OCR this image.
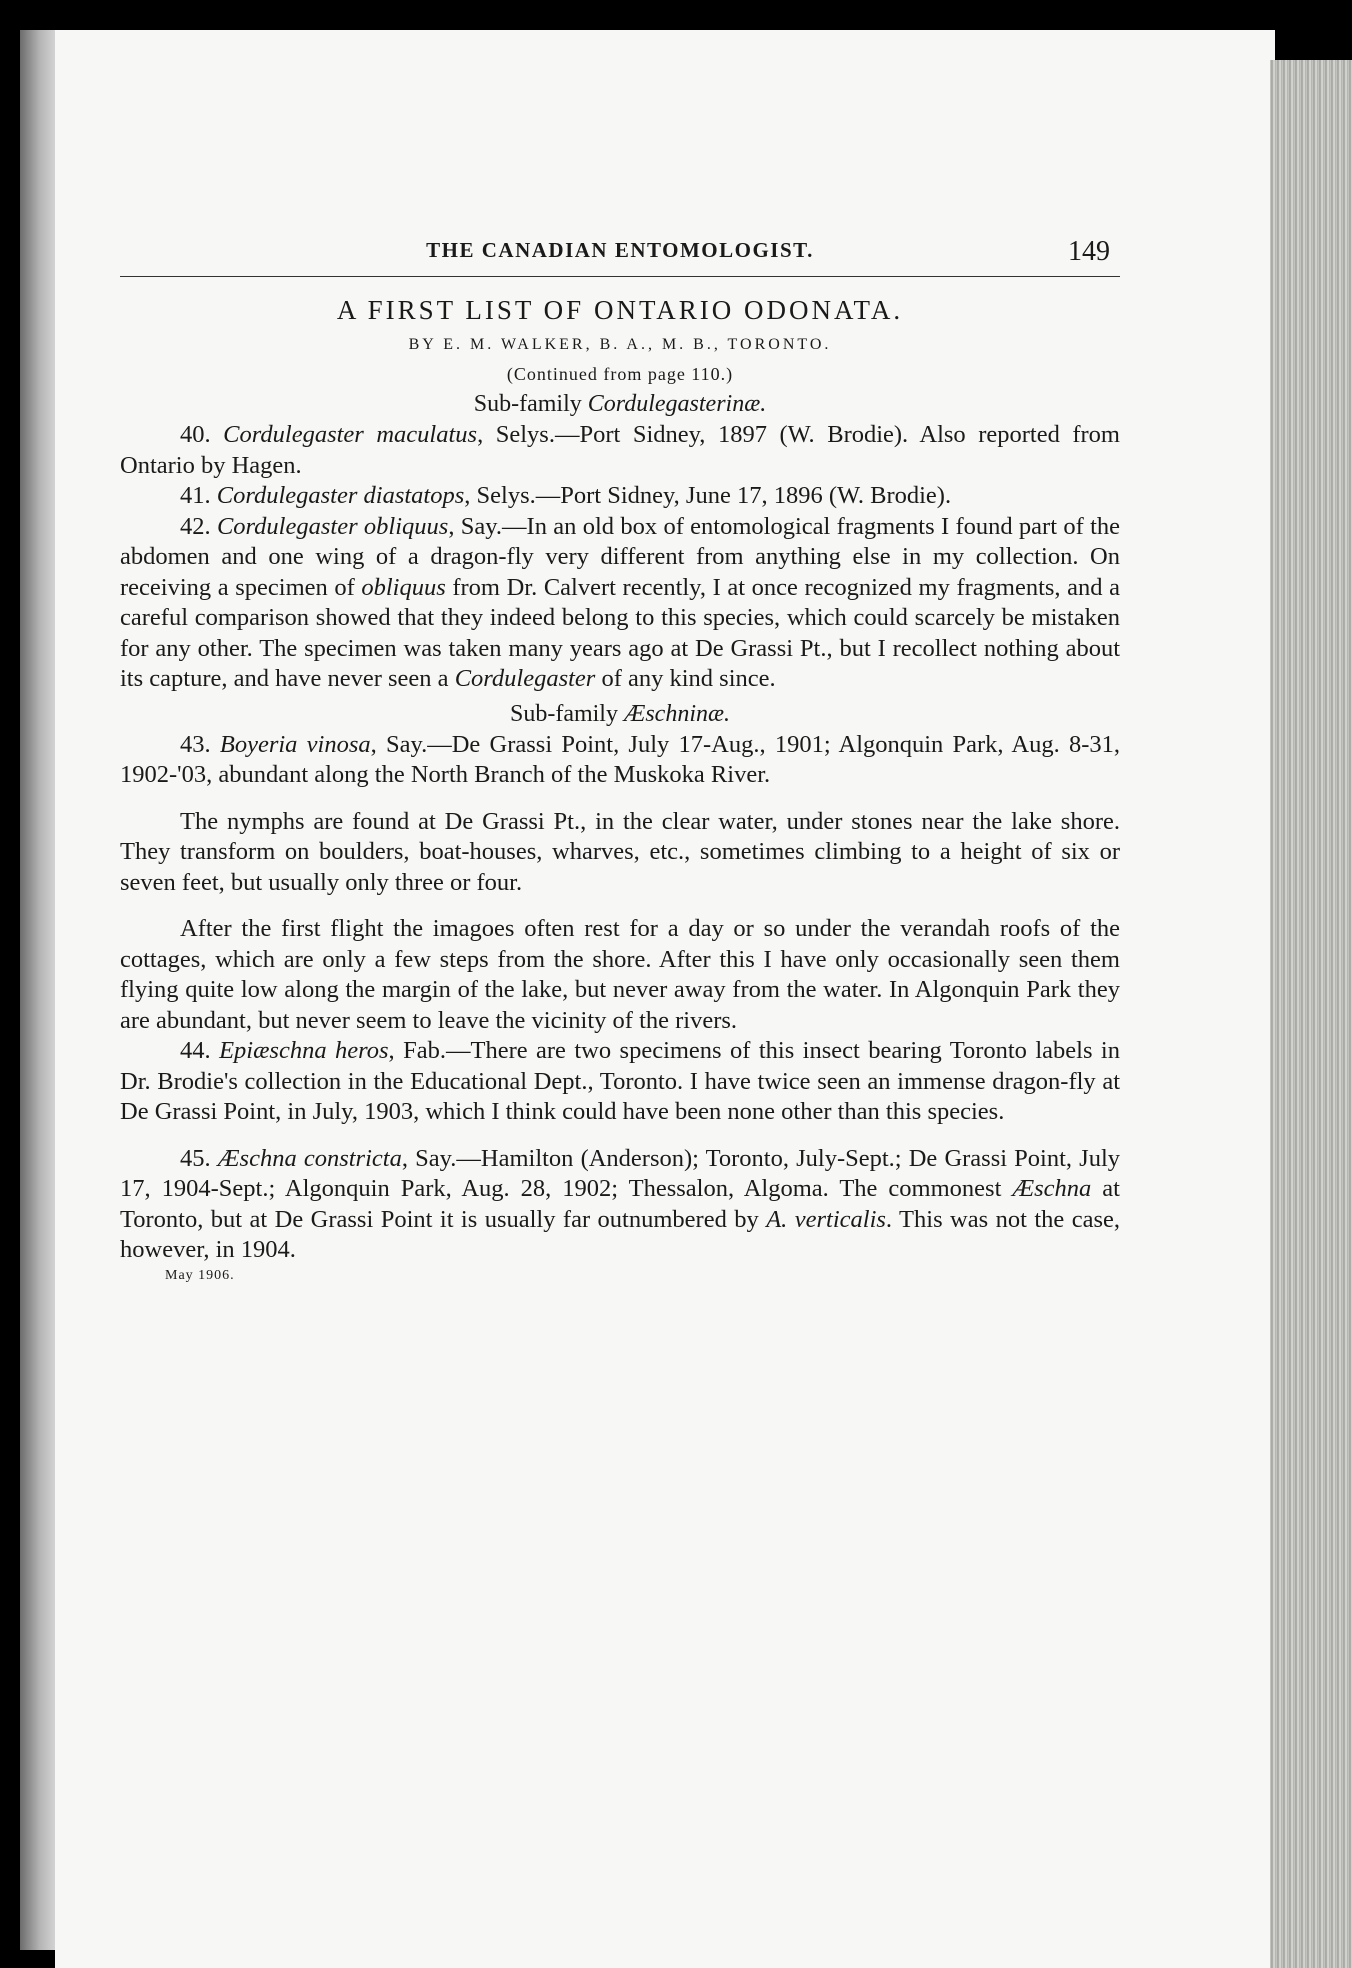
THE CANADIAN ENTOMOLOGIST.	149
A FIRST LIST OF ONTARIO ODONATA.
BY E. M. WALKER, B. A., M. B., TORONTO.
(Continued from page 110.)
Sub-family Cordulegasterinæ.

40. Cordulegaster maculatus, Selys.—Port Sidney, 1897 (W. Brodie). Also reported from Ontario by Hagen.

41. Cordulegaster diastatops, Selys.—Port Sidney, June 17, 1896 (W. Brodie).

42. Cordulegaster obliquus, Say.—In an old box of entomological fragments I found part of the abdomen and one wing of a dragon-fly very different from anything else in my collection. On receiving a specimen of obliquus from Dr. Calvert recently, I at once recognized my fragments, and a careful comparison showed that they indeed belong to this species, which could scarcely be mistaken for any other. The specimen was taken many years ago at De Grassi Pt., but I recollect nothing about its capture, and have never seen a Cordulegaster of any kind since.

Sub-family Æschninæ.

43. Boyeria vinosa, Say.—De Grassi Point, July 17-Aug., 1901; Algonquin Park, Aug. 8-31, 1902-'03, abundant along the North Branch of the Muskoka River.

The nymphs are found at De Grassi Pt., in the clear water, under stones near the lake shore. They transform on boulders, boat-houses, wharves, etc., sometimes climbing to a height of six or seven feet, but usually only three or four.

After the first flight the imagoes often rest for a day or so under the verandah roofs of the cottages, which are only a few steps from the shore. After this I have only occasionally seen them flying quite low along the margin of the lake, but never away from the water. In Algonquin Park they are abundant, but never seem to leave the vicinity of the rivers.

44. Epiæschna heros, Fab.—There are two specimens of this insect bearing Toronto labels in Dr. Brodie's collection in the Educational Dept., Toronto. I have twice seen an immense dragon-fly at De Grassi Point, in July, 1903, which I think could have been none other than this species.

45. Æschna constricta, Say.—Hamilton (Anderson); Toronto, July-Sept.; De Grassi Point, July 17, 1904-Sept.; Algonquin Park, Aug. 28, 1902; Thessalon, Algoma. The commonest Æschna at Toronto, but at De Grassi Point it is usually far outnumbered by A. verticalis. This was not the case, however, in 1904.

May 1906.
